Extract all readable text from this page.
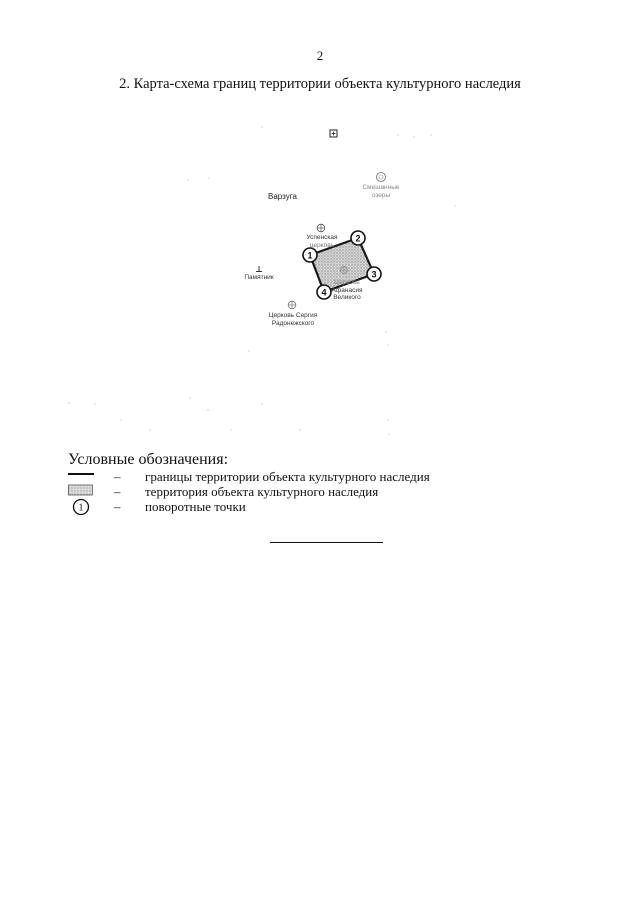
2
2. Карта-схема границ территории объекта культурного наследия
1
2
3
4
Варзуга
Смешанные
озеры
Успенская
церковь
Памятник
Церковь
Афанасия
Великого
Церковь Сергия
Радонежского
Условные обозначения:
– границы территории объекта культурного наследия
– территория объекта культурного наследия
1 – поворотные точки
